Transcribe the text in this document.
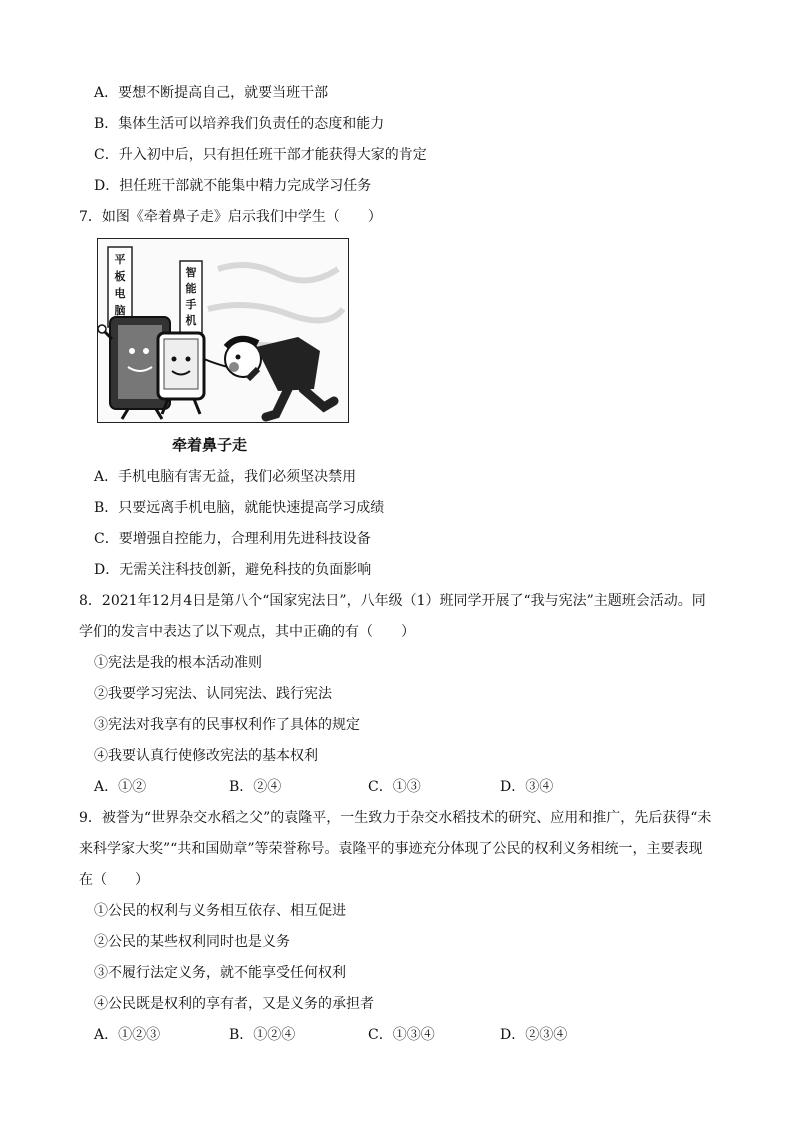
A．要想不断提高自己，就要当班干部
B．集体生活可以培养我们负责任的态度和能力
C．升入初中后，只有担任班干部才能获得大家的肯定
D．担任班干部就不能集中精力完成学习任务
7．如图《牵着鼻子走》启示我们中学生（　　）
平板电脑
智能手机
牵着鼻子走
A．手机电脑有害无益，我们必须坚决禁用
B．只要远离手机电脑，就能快速提高学习成绩
C．要增强自控能力，合理利用先进科技设备
D．无需关注科技创新，避免科技的负面影响
8．2021年12月4日是第八个“国家宪法日”，八年级（1）班同学开展了“我与宪法”主题班会活动。同
学们的发言中表达了以下观点，其中正确的有（　　）
①宪法是我的根本活动准则
②我要学习宪法、认同宪法、践行宪法
③宪法对我享有的民事权利作了具体的规定
④我要认真行使修改宪法的基本权利
A．①②	B．②④	C．①③	D．③④
9．被誉为“世界杂交水稻之父”的袁隆平，一生致力于杂交水稻技术的研究、应用和推广，先后获得“未
来科学家大奖”“共和国勋章”等荣誉称号。袁隆平的事迹充分体现了公民的权利义务相统一，主要表现
在（　　）
①公民的权利与义务相互依存、相互促进
②公民的某些权利同时也是义务
③不履行法定义务，就不能享受任何权利
④公民既是权利的享有者，又是义务的承担者
A．①②③	B．①②④	C．①③④	D．②③④
